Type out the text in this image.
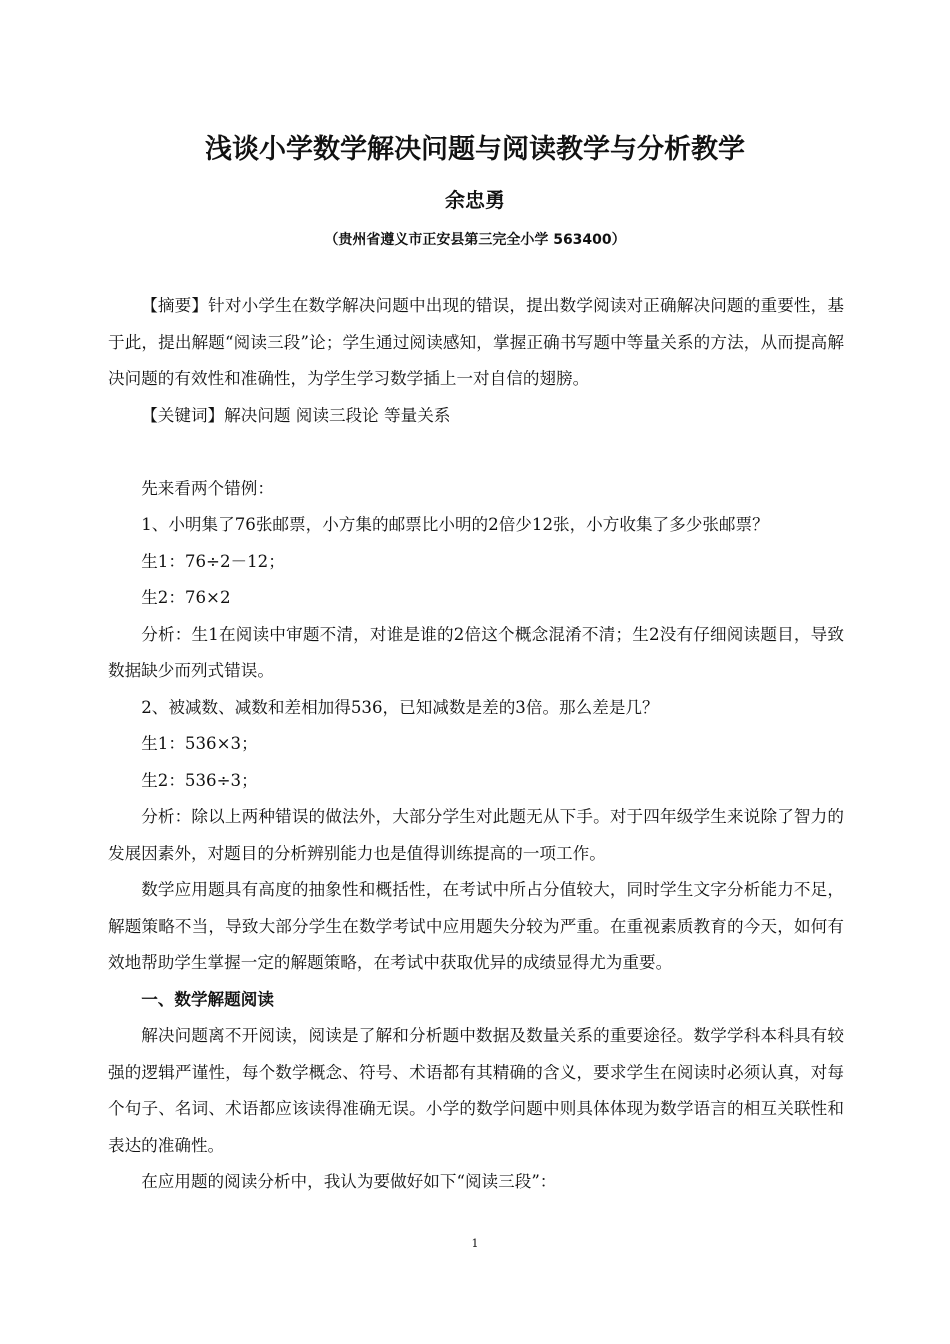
浅谈小学数学解决问题与阅读教学与分析教学
余忠勇
（贵州省遵义市正安县第三完全小学 563400）

【摘要】针对小学生在数学解决问题中出现的错误，提出数学阅读对正确解决问题的重要性，基于此，提出解题“阅读三段”论；学生通过阅读感知，掌握正确书写题中等量关系的方法，从而提高解决问题的有效性和准确性，为学生学习数学插上一对自信的翅膀。

【关键词】解决问题 阅读三段论 等量关系

先来看两个错例：

1、小明集了76张邮票，小方集的邮票比小明的2倍少12张，小方收集了多少张邮票？

生1：76÷2－12；

生2：76×2

分析：生1在阅读中审题不清，对谁是谁的2倍这个概念混淆不清；生2没有仔细阅读题目，导致数据缺少而列式错误。

2、被减数、减数和差相加得536，已知减数是差的3倍。那么差是几？

生1：536×3；

生2：536÷3；

分析：除以上两种错误的做法外，大部分学生对此题无从下手。对于四年级学生来说除了智力的发展因素外，对题目的分析辨别能力也是值得训练提高的一项工作。

数学应用题具有高度的抽象性和概括性，在考试中所占分值较大，同时学生文字分析能力不足，解题策略不当，导致大部分学生在数学考试中应用题失分较为严重。在重视素质教育的今天，如何有效地帮助学生掌握一定的解题策略，在考试中获取优异的成绩显得尤为重要。

一、数学解题阅读

解决问题离不开阅读，阅读是了解和分析题中数据及数量关系的重要途径。数学学科本科具有较强的逻辑严谨性，每个数学概念、符号、术语都有其精确的含义，要求学生在阅读时必须认真，对每个句子、名词、术语都应该读得准确无误。小学的数学问题中则具体体现为数学语言的相互关联性和表达的准确性。

在应用题的阅读分析中，我认为要做好如下“阅读三段”：

1
